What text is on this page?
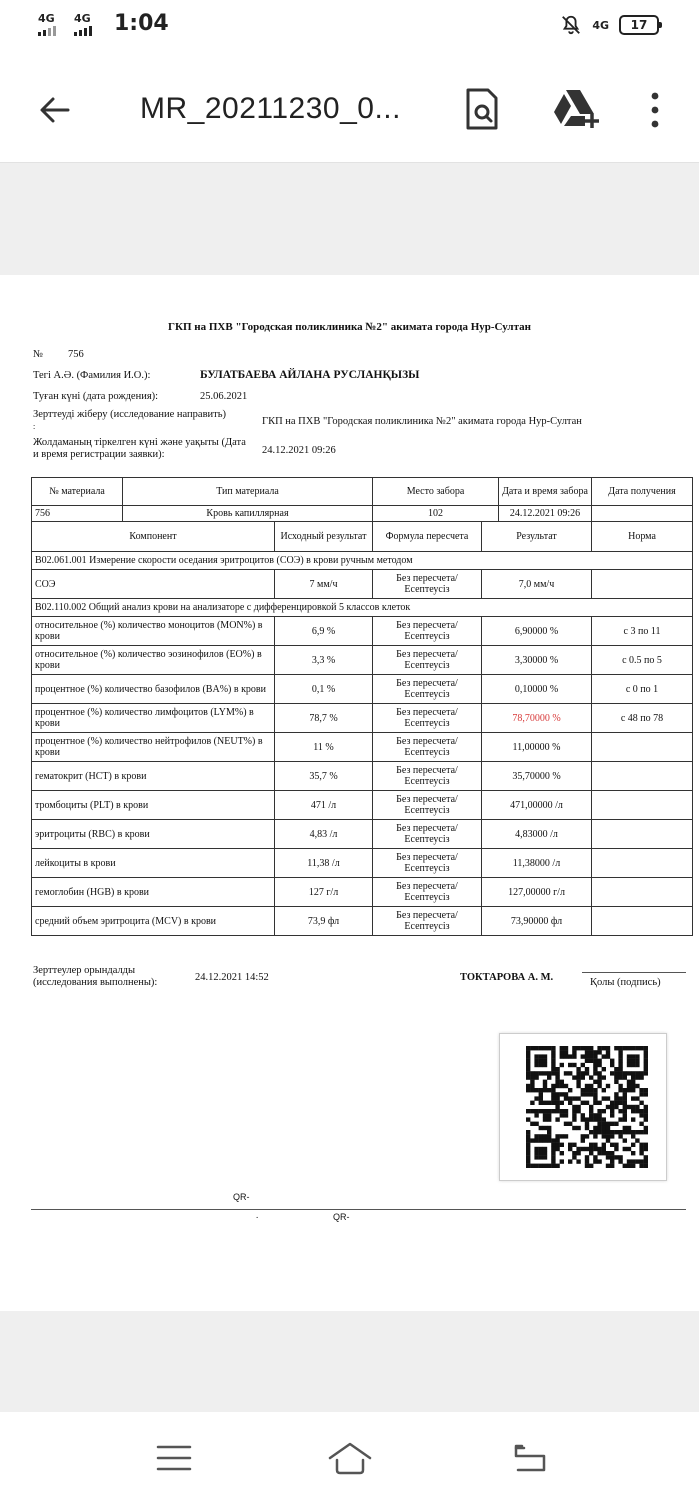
4G 4G 1:04	4G	17
MR_20211230_0...
ГКП на ПХВ "Городская поликлиника №2" акимата города Нур-Султан
№ 756
Тегі А.Ә. (Фамилия И.О.):	БУЛАТБАЕВА АЙЛАНА РУСЛАНҚЫЗЫ
Туған күні (дата рождения):	25.06.2021
Зерттеуді жіберу (исследование направить)
:	ГКП на ПХВ "Городская поликлиника №2" акимата города Нур-Султан
Жолдаманың тіркелген күні және уақыты (Дата и время регистрации заявки):	24.12.2021 09:26
№ материала	Тип материала		Место забора		Дата и время забора	Дата получения
756	Кровь капиллярная		102		24.12.2021 09:26	
Компонент		Исходный результат	Формула пересчета	Результат		Норма
B02.061.001 Измерение скорости оседания эритроцитов (СОЭ) в крови ручным методом						
СОЭ		7 мм/ч	Без пересчета/ Есептеусіз	7,0 мм/ч		
B02.110.002 Общий анализ крови на анализаторе с дифференцировкой 5 классов клеток						
относительное (%) количество моноцитов (MON%) в крови		6,9 %	Без пересчета/ Есептеусіз	6,90000 %		с 3 по 11
относительное (%) количество эозинофилов (EO%) в крови		3,3 %	Без пересчета/ Есептеусіз	3,30000 %		с 0.5 по 5
процентное (%) количество базофилов (BA%) в крови		0,1 %	Без пересчета/ Есептеусіз	0,10000 %		с 0 по 1
процентное (%) количество лимфоцитов (LYM%) в крови		78,7 %	Без пересчета/ Есептеусіз	78,70000 %		с 48 по 78
процентное (%) количество нейтрофилов (NEUT%) в крови		11 %	Без пересчета/ Есептеусіз	11,00000 %		
гематокрит (HCT) в крови		35,7 %	Без пересчета/ Есептеусіз	35,70000 %		
тромбоциты (PLT) в крови		471 /л	Без пересчета/ Есептеусіз	471,00000 /л		
эритроциты (RBC) в крови		4,83 /л	Без пересчета/ Есептеусіз	4,83000 /л		
лейкоциты в крови		11,38 /л	Без пересчета/ Есептеусіз	11,38000 /л		
гемоглобин (HGB) в крови		127 г/л	Без пересчета/ Есептеусіз	127,00000 г/л		
средний объем эритроцита (MCV) в крови		73,9 фл	Без пересчета/ Есептеусіз	73,90000 фл		
Зерттеулер орындалды (исследования выполнены):	24.12.2021 14:52	ТОКТАРОВА А. М.	Қолы (подпись)
QR-
.	QR-
